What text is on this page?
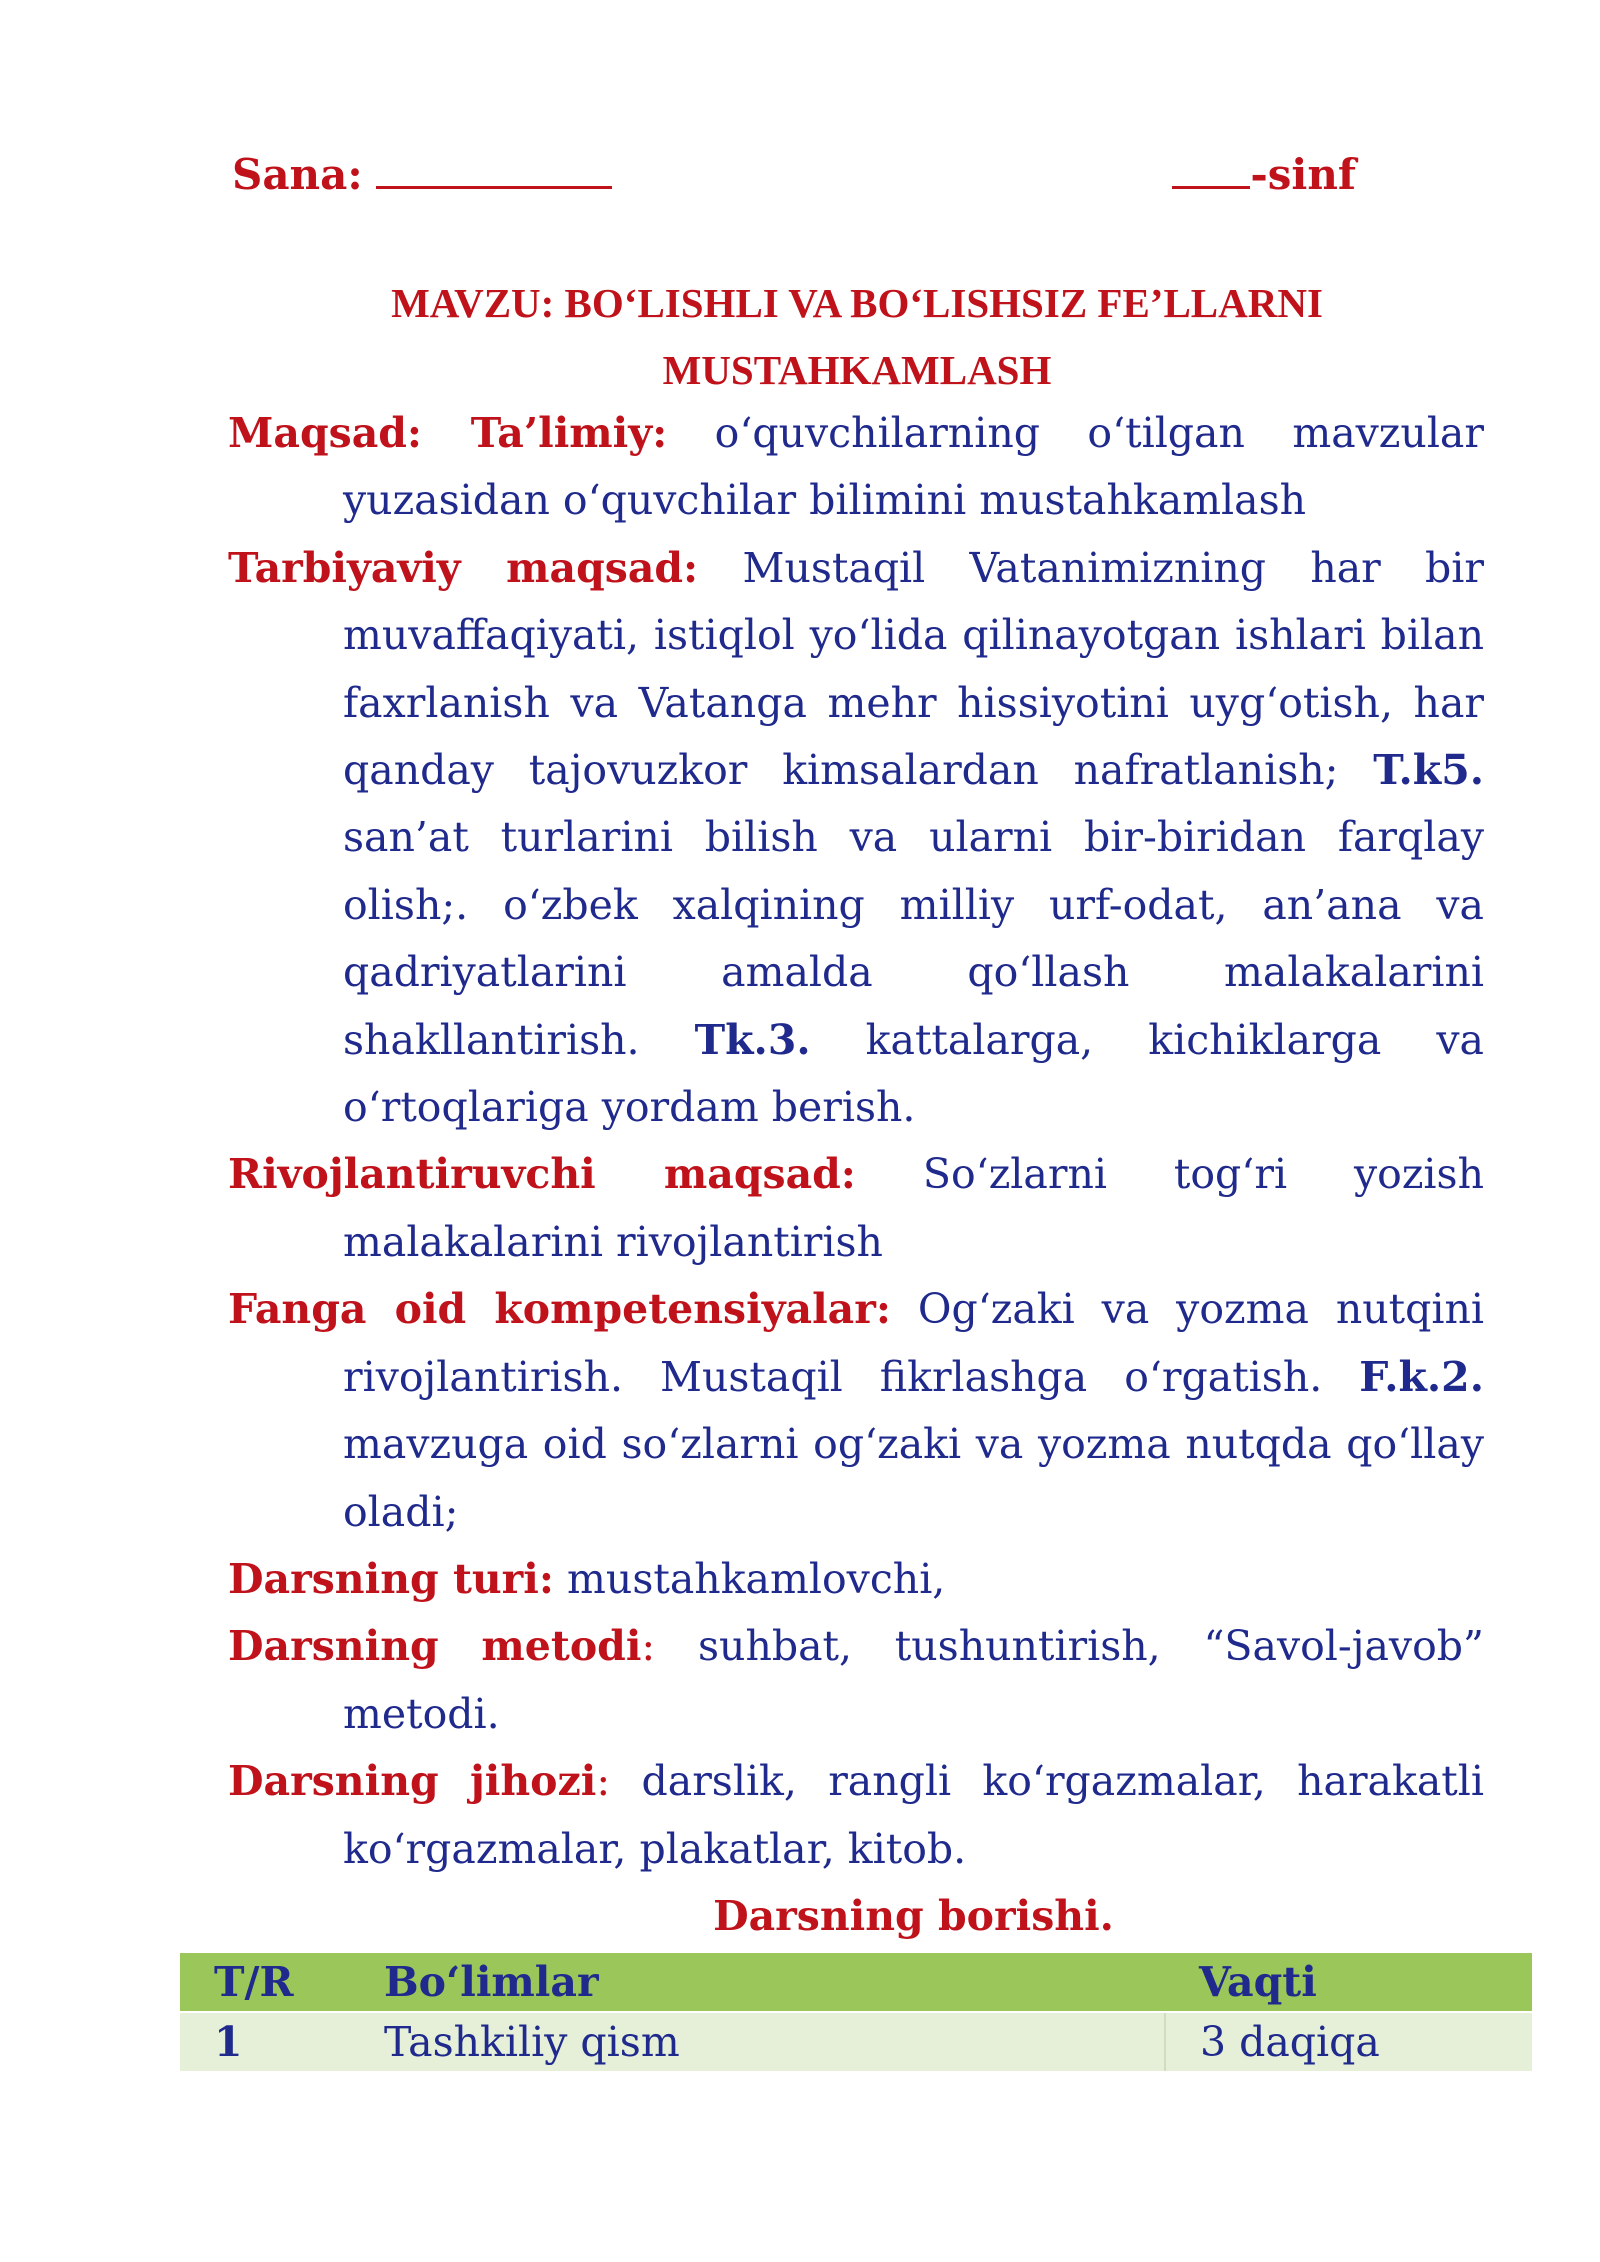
Sana:	-sinf
MAVZU: BO‘LISHLI VA BO‘LISHSIZ FE’LLARNI
MUSTAHKAMLASH

Maqsad: Ta’limiy: o‘quvchilarning o‘tilgan mavzular yuzasidan o‘quvchilar bilimini mustahkamlash

Tarbiyaviy maqsad: Mustaqil Vatanimizning har bir muvaffaqiyati, istiqlol yo‘lida qilinayotgan ishlari bilan faxrlanish va Vatanga mehr hissiyotini uyg‘otish, har qanday tajovuzkor kimsalardan nafratlanish; T.k5. san’at turlarini bilish va ularni bir-biridan farqlay olish;. o‘zbek xalqining milliy urf-odat, an’ana va qadriyatlarini amalda qo‘llash malakalarini shakllantirish. Tk.3. kattalarga, kichiklarga va o‘rtoqlariga yordam berish.

Rivojlantiruvchi maqsad: So‘zlarni tog‘ri yozish malakalarini rivojlantirish

Fanga oid kompetensiyalar: Og‘zaki va yozma nutqini rivojlantirish. Mustaqil fikrlashga o‘rgatish. F.k.2. mavzuga oid so‘zlarni og‘zaki va yozma nutqda qo‘llay oladi;

Darsning turi: mustahkamlovchi,

Darsning metodi: suhbat, tushuntirish, “Savol-javob” metodi.

Darsning jihozi: darslik, rangli ko‘rgazmalar, harakatli ko‘rgazmalar, plakatlar, kitob.

Darsning borishi.

T/R	Bo‘limlar	Vaqti
1	Tashkiliy qism	3 daqiqa
